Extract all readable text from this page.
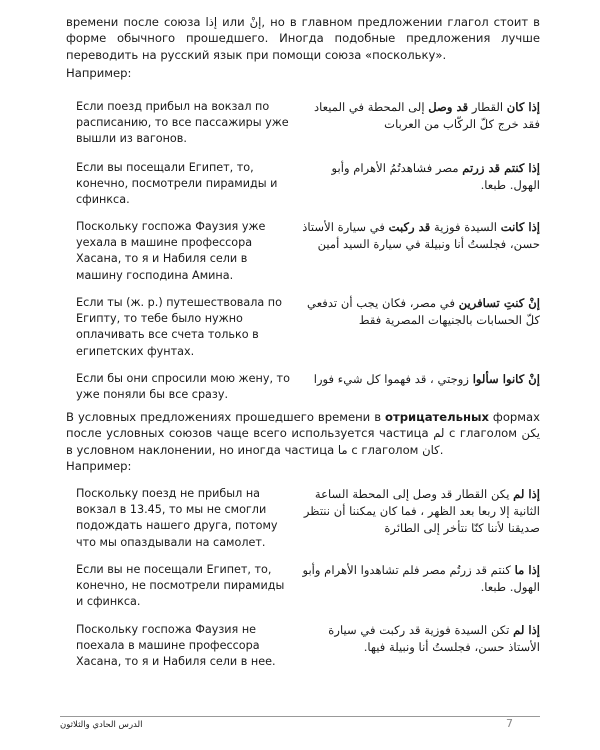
времени после союза إذا или إنْ, но в главном предложении глагол стоит в форме обычного прошедшего. Иногда подобные предложения лучше переводить на русский язык при помощи союза «поскольку».

Например:

Если поезд прибыл на вокзал по расписанию, то все пассажиры уже вышли из вагонов.
إذا كان القطار قد وصل إلى المحطة في الميعاد فقد خرج كلّ الركّاب من العربات
Если вы посещали Египет, то, конечно, посмотрели пирамиды и сфинкса.
إذا كنتم قد زرتم مصر فشاهدتُمُ الأهرام وأبو الهول. طبعا.
Поскольку госпожа Фаузия уже уехала в машине профессора Хасана, то я и Набиля сели в машину господина Амина.
إذا كانت السيدة فوزية قد ركبت في سيارة الأستاذ حسن، فجلستُ أنا ونبيلة في سيارة السيد أمين
Если ты (ж. р.) путешествовала по Египту, то тебе было нужно оплачивать все счета только в египетских фунтах.
إنْ كنتِ تسافرين في مصر، فكان يجب أن تدفعي كلّ الحسابات بالجنيهات المصرية فقط
Если бы они спросили мою жену, то уже поняли бы все сразу.
إنْ كانوا سألوا زوجتي ، قد فهموا كل شيء فورا

В условных предложениях прошедшего времени в отрицательных формах после условных союзов чаще всего используется частица لم с глаголом يكن в условном наклонении, но иногда частица ما с глаголом كان.

Например:

Поскольку поезд не прибыл на вокзал в 13.45, то мы не смогли подождать нашего друга, потому что мы опаздывали на самолет.
إذا لم يكن القطار قد وصل إلى المحطة الساعة الثانية إلا ربعا بعد الظهر ، فما كان يمكننا أن ننتظر صديقنا لأننا كنّا نتأخر إلى الطائرة
Если вы не посещали Египет, то, конечно, не посмотрели пирамиды и сфинкса.
إذا ما كنتم قد زرتُم مصر فلم تشاهدوا الأهرام وأبو الهول. طبعا.
Поскольку госпожа Фаузия не поехала в машине профессора Хасана, то я и Набиля сели в нее.
إذا لم تكن السيدة فوزية قد ركبت في سيارة الأستاذ حسن، فجلستُ أنا ونبيلة فيها.
الدرس الحادي والثلاثون	7
